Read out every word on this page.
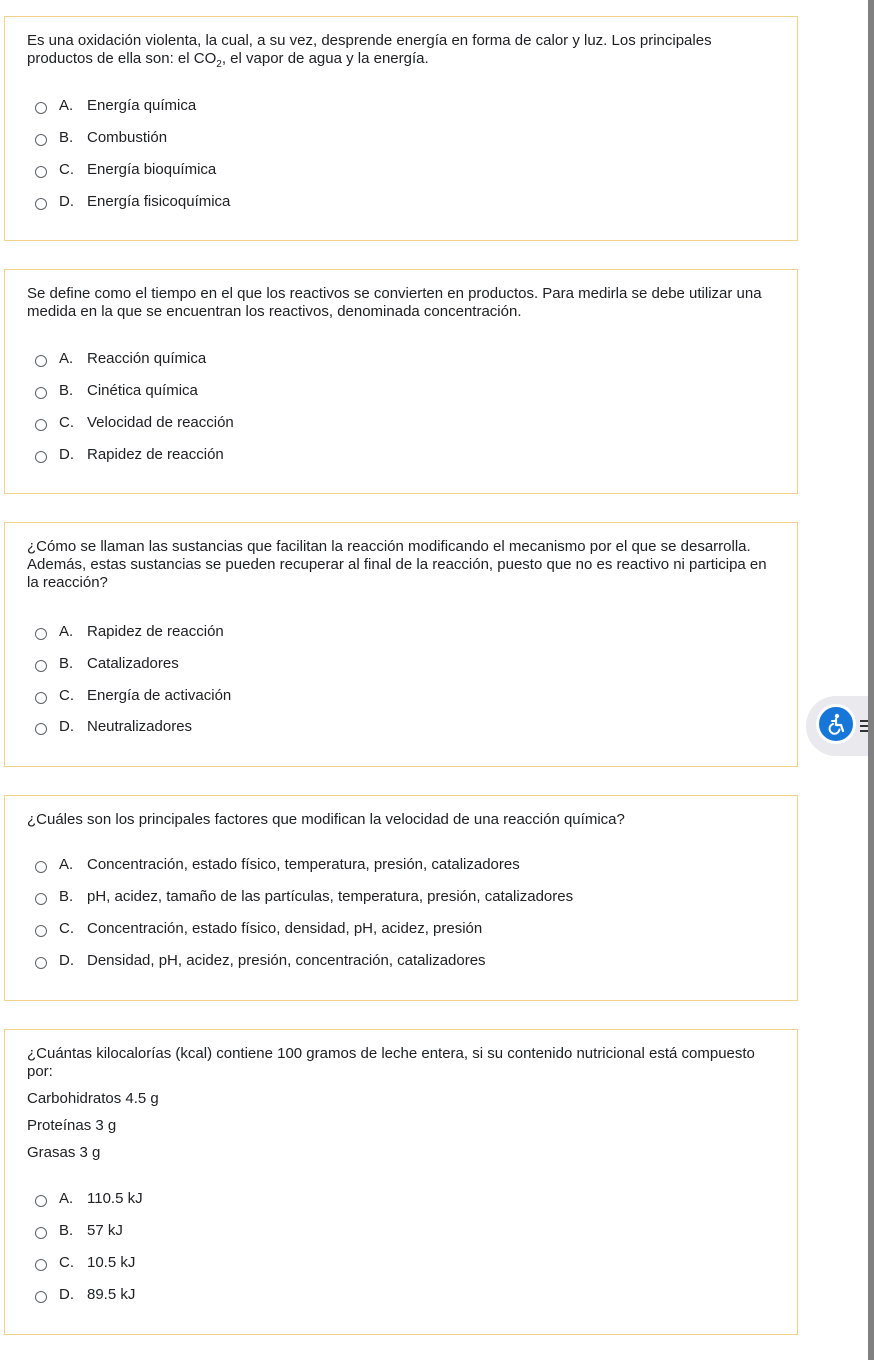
Es una oxidación violenta, la cual, a su vez, desprende energía en forma de calor y luz. Los principales productos de ella son: el $CO_2$, el vapor de agua y la energía.

A. Energía química
B. Combustión
C. Energía bioquímica
D. Energía fisicoquímica

Se define como el tiempo en el que los reactivos se convierten en productos. Para medirla se debe utilizar una medida en la que se encuentran los reactivos, denominada concentración.

A. Reacción química
B. Cinética química
C. Velocidad de reacción
D. Rapidez de reacción

¿Cómo se llaman las sustancias que facilitan la reacción modificando el mecanismo por el que se desarrolla. Además, estas sustancias se pueden recuperar al final de la reacción, puesto que no es reactivo ni participa en la reacción?

A. Rapidez de reacción
B. Catalizadores
C. Energía de activación
D. Neutralizadores

¿Cuáles son los principales factores que modifican la velocidad de una reacción química?

A. Concentración, estado físico, temperatura, presión, catalizadores
B. pH, acidez, tamaño de las partículas, temperatura, presión, catalizadores
C. Concentración, estado físico, densidad, pH, acidez, presión
D. Densidad, pH, acidez, presión, concentración, catalizadores

¿Cuántas kilocalorías (kcal) contiene 100 gramos de leche entera, si su contenido nutricional está compuesto por:

Carbohidratos 4.5 g
Proteínas 3 g
Grasas 3 g
A. 110.5 kJ
B. 57 kJ
C. 10.5 kJ
D. 89.5 kJ
